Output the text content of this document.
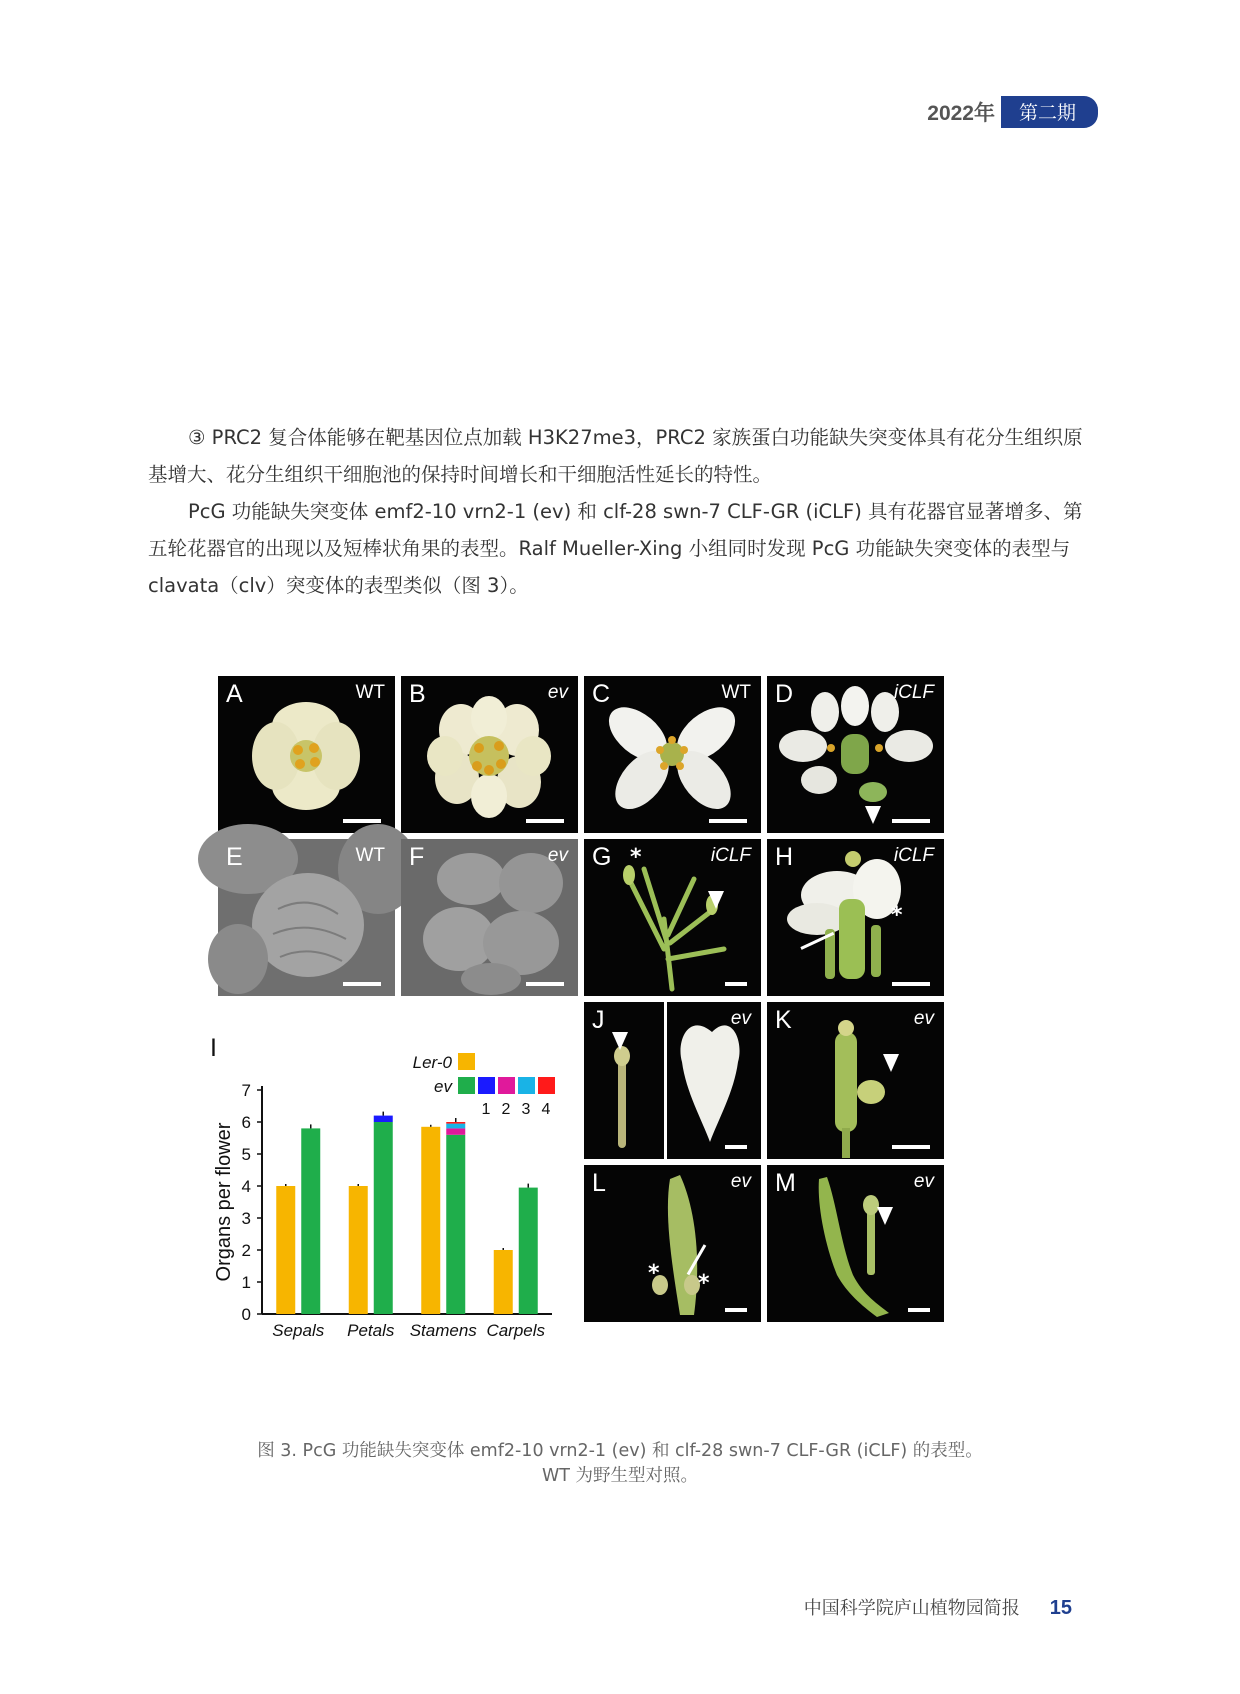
2022年	第二期

③ PRC2 复合体能够在靶基因位点加载 H3K27me3，PRC2 家族蛋白功能缺失突变体具有花分生组织原基增大、花分生组织干细胞池的保持时间增长和干细胞活性延长的特性。

PcG 功能缺失突变体 emf2-10 vrn2-1 (ev) 和 clf-28 swn-7 CLF-GR (iCLF) 具有花器官显著增多、第五轮花器官的出现以及短棒状角果的表型。Ralf Mueller-Xing 小组同时发现 PcG 功能缺失突变体的表型与 clavata（clv）突变体的表型类似（图 3）。

A	WT B	ev C	WT D	iCLF
E	WT F	ev	*
G	iCLF
*
H	iCLF
I
0
1
2
3
4
5
6
7
Organs per flower
Sepals Petals Stamens Carpels
Ler-0
ev
1 2 3 4
J	ev K	ev
* *
L	ev M	ev
图 3. PcG 功能缺失突变体 emf2-10 vrn2-1 (ev) 和 clf-28 swn-7 CLF-GR (iCLF) 的表型。
WT 为野生型对照。
中国科学院庐山植物园简报 15
